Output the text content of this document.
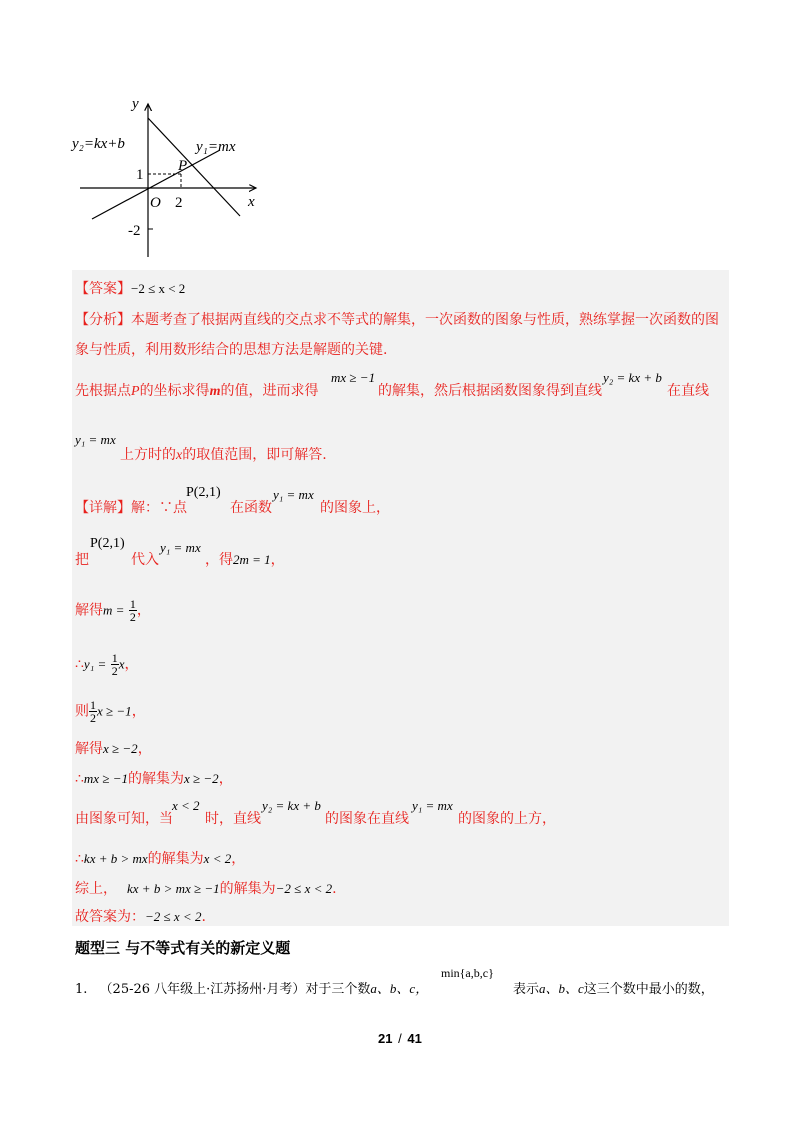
y
x
y₂=kx+b	y₁=mx
P
O
1
2
-2
【答案】−2 ≤ x < 2
【分析】本题考查了根据两直线的交点求不等式的解集，一次函数的图象与性质，熟练掌握一次函数的图
象与性质，利用数形结合的思想方法是解题的关键.
先根据点P的坐标求得m的值，进而求得
mx ≥ −1
的解集，然后根据函数图象得到直线
y₂ = kx + b
在直线
y₁ = mx
上方时的x的取值范围，即可解答.
【详解】解：∵点
P(2,1)
在函数
y₁ = mx
的图象上，
把
P(2,1)
代入
y₁ = mx
，得2m = 1，
解得$m = \frac{1}{2}$ ，
∴y₁ = $\frac{1}{2}$ x，
则 $\frac{1}{2}$ x ≥ −1，
解得x ≥ −2，
∴mx ≥ −1的解集为x ≥ −2，
由图象可知，当
x < 2
时，直线
y₂ = kx + b
的图象在直线
y₁ = mx
的图象的上方，
∴kx + b > mx的解集为x < 2，
综上， kx + b > mx ≥ −1的解集为−2 ≤ x < 2.
故答案为：−2 ≤ x < 2.
题型三 与不等式有关的新定义题
1. （25-26 八年级上·江苏扬州·月考）对于三个数a、b、c，
min{a,b,c}
表示a、b、c这三个数中最小的数，
21 / 41
